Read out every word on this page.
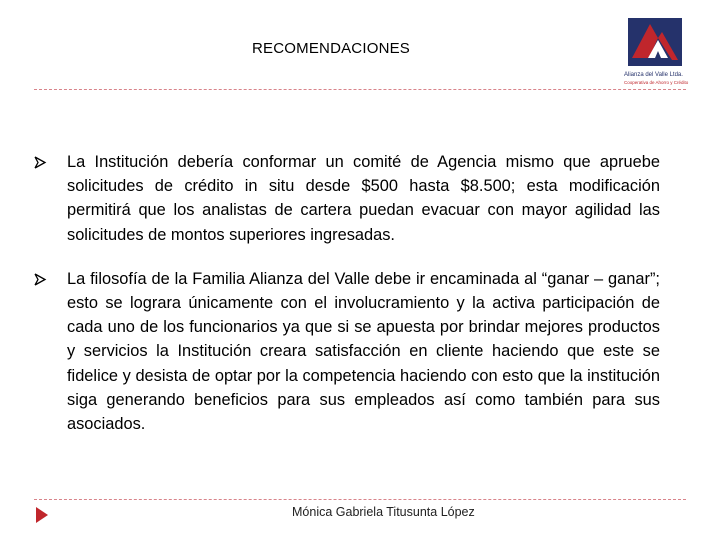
RECOMENDACIONES
Alianza del Valle Ltda.
Cooperativa de Ahorro y Crédito
La Institución debería conformar un comité de Agencia mismo que apruebe solicitudes de crédito in situ desde $500 hasta $8.500; esta modificación permitirá que los analistas de cartera puedan evacuar con mayor agilidad las solicitudes de montos superiores ingresadas.
La filosofía de la Familia Alianza del Valle debe ir encaminada al “ganar – ganar”; esto se lograra únicamente con el involucramiento y la activa participación de cada uno de los funcionarios ya que si se apuesta por brindar mejores productos y servicios la Institución creara satisfacción en cliente haciendo que este se fidelice y desista de optar por la competencia haciendo con esto que la institución siga generando beneficios para sus empleados así como también para sus asociados.
Mónica Gabriela Titusunta López
